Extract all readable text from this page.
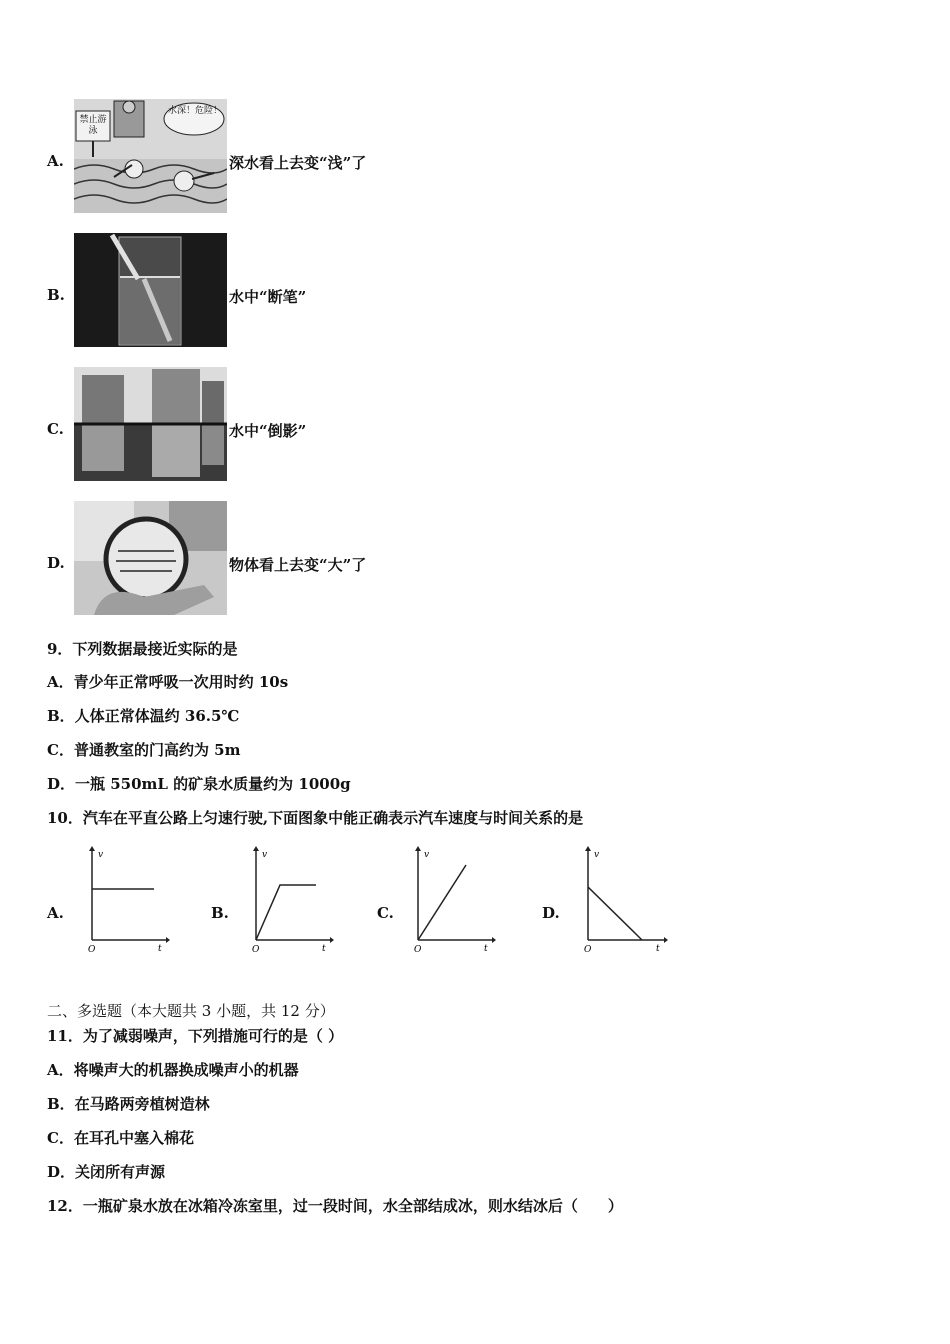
A.
禁止游泳
水深！危险！
深水看上去变“浅”了
B.	水中“断笔”
C.	水中“倒影”
D.	物体看上去变“大”了
9．下列数据最接近实际的是
A．青少年正常呼吸一次用时约 10s
B．人体正常体温约 36.5℃
C．普通教室的门高约为 5m
D．一瓶 550mL 的矿泉水质量约为 1000g
10．汽车在平直公路上匀速行驶,下面图象中能正确表示汽车速度与时间关系的是
A.
v
t
O
B.
v
t
O
C.
v
t
O
D.
v
t
O
二、多选题（本大题共 3 小题，共 12 分）
11．为了减弱噪声，下列措施可行的是（ ）
A．将噪声大的机器换成噪声小的机器
B．在马路两旁植树造林
C．在耳孔中塞入棉花
D．关闭所有声源
12．一瓶矿泉水放在冰箱冷冻室里，过一段时间，水全部结成冰，则水结冰后（　　）
